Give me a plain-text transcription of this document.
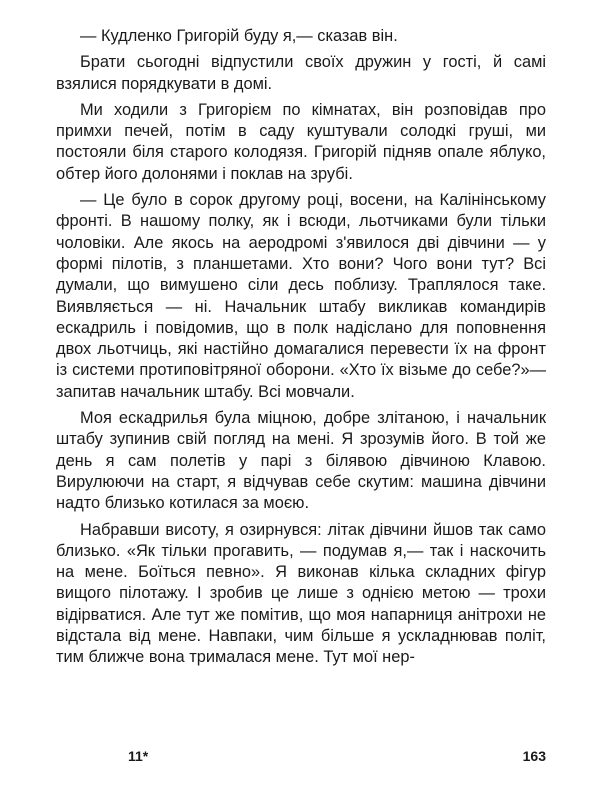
— Кудленко Григорій буду я,— сказав він.

Брати сьогодні відпустили своїх дружин у гості, й самі взялися порядкувати в домі.

Ми ходили з Григорієм по кімнатах, він розповідав про примхи печей, потім в саду куштували солодкі груші, ми постояли біля старого колодязя. Григорій підняв опале яблуко, обтер його долонями і поклав на зрубі.

— Це було в сорок другому році, восени, на Калінінському фронті. В нашому полку, як і всюди, льотчиками були тільки чоловіки. Але якось на аеродромі з'явилося дві дівчини — у формі пілотів, з планшетами. Хто вони? Чого вони тут? Всі думали, що вимушено сіли десь поблизу. Траплялося таке. Виявляється — ні. Начальник штабу викликав командирів ескадриль і повідомив, що в полк надіслано для поповнення двох льотчиць, які настійно домагалися перевести їх на фронт із системи протиповітряної оборони. «Хто їх візьме до себе?»— запитав начальник штабу. Всі мовчали.

Моя ескадрилья була міцною, добре злітаною, і начальник штабу зупинив свій погляд на мені. Я зрозумів його. В той же день я сам полетів у парі з білявою дівчиною Клавою. Вирулюючи на старт, я відчував себе скутим: машина дівчини надто близько котилася за моєю.

Набравши висоту, я озирнувся: літак дівчини йшов так само близько. «Як тільки прогавить, — подумав я,— так і наскочить на мене. Боїться певно». Я виконав кілька складних фігур вищого пілотажу. І зробив це лише з однією метою — трохи відірватися. Але тут же помітив, що моя напарниця анітрохи не відстала від мене. Навпаки, чим більше я ускладнював політ, тим ближче вона трималася мене. Тут мої нер-

11*	163
